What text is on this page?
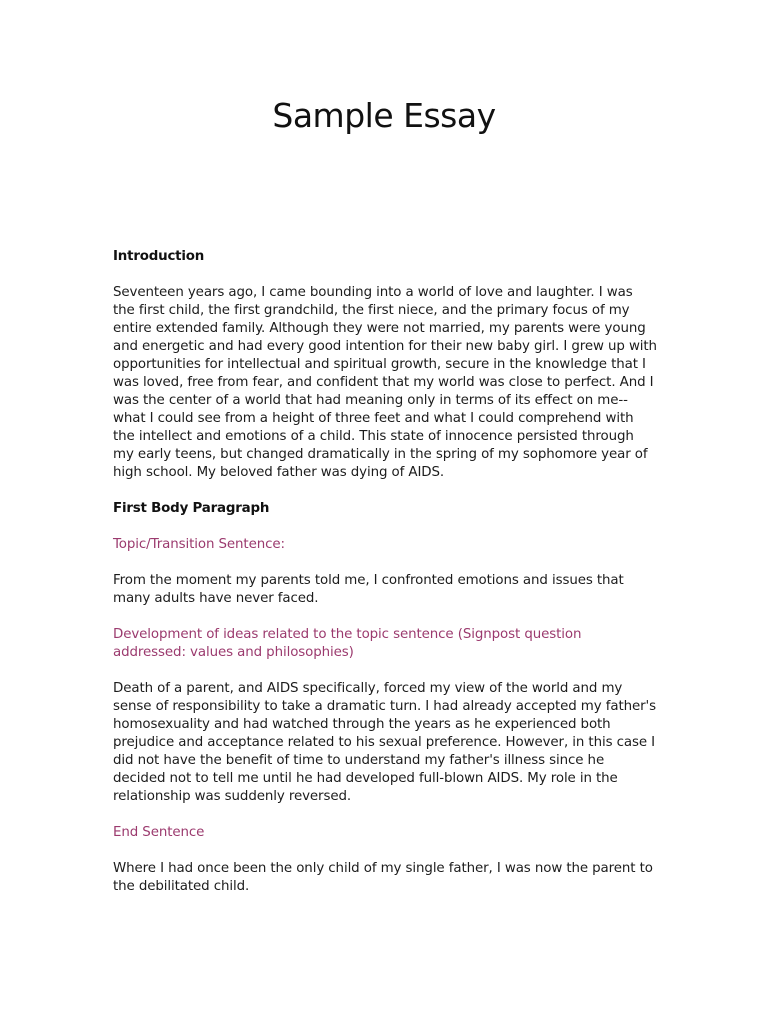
Sample Essay

Introduction

Seventeen years ago, I came bounding into a world of love and laughter. I was the first child, the first grandchild, the first niece, and the primary focus of my entire extended family. Although they were not married, my parents were young and energetic and had every good intention for their new baby girl. I grew up with opportunities for intellectual and spiritual growth, secure in the knowledge that I was loved, free from fear, and confident that my world was close to perfect. And I was the center of a world that had meaning only in terms of its effect on me-- what I could see from a height of three feet and what I could comprehend with the intellect and emotions of a child. This state of innocence persisted through my early teens, but changed dramatically in the spring of my sophomore year of high school. My beloved father was dying of AIDS.

First Body Paragraph

Topic/Transition Sentence:

From the moment my parents told me, I confronted emotions and issues that many adults have never faced.

Development of ideas related to the topic sentence (Signpost question addressed: values and philosophies)

Death of a parent, and AIDS specifically, forced my view of the world and my sense of responsibility to take a dramatic turn. I had already accepted my father's homosexuality and had watched through the years as he experienced both prejudice and acceptance related to his sexual preference. However, in this case I did not have the benefit of time to understand my father's illness since he decided not to tell me until he had developed full-blown AIDS. My role in the relationship was suddenly reversed.

End Sentence

Where I had once been the only child of my single father, I was now the parent to the debilitated child.
